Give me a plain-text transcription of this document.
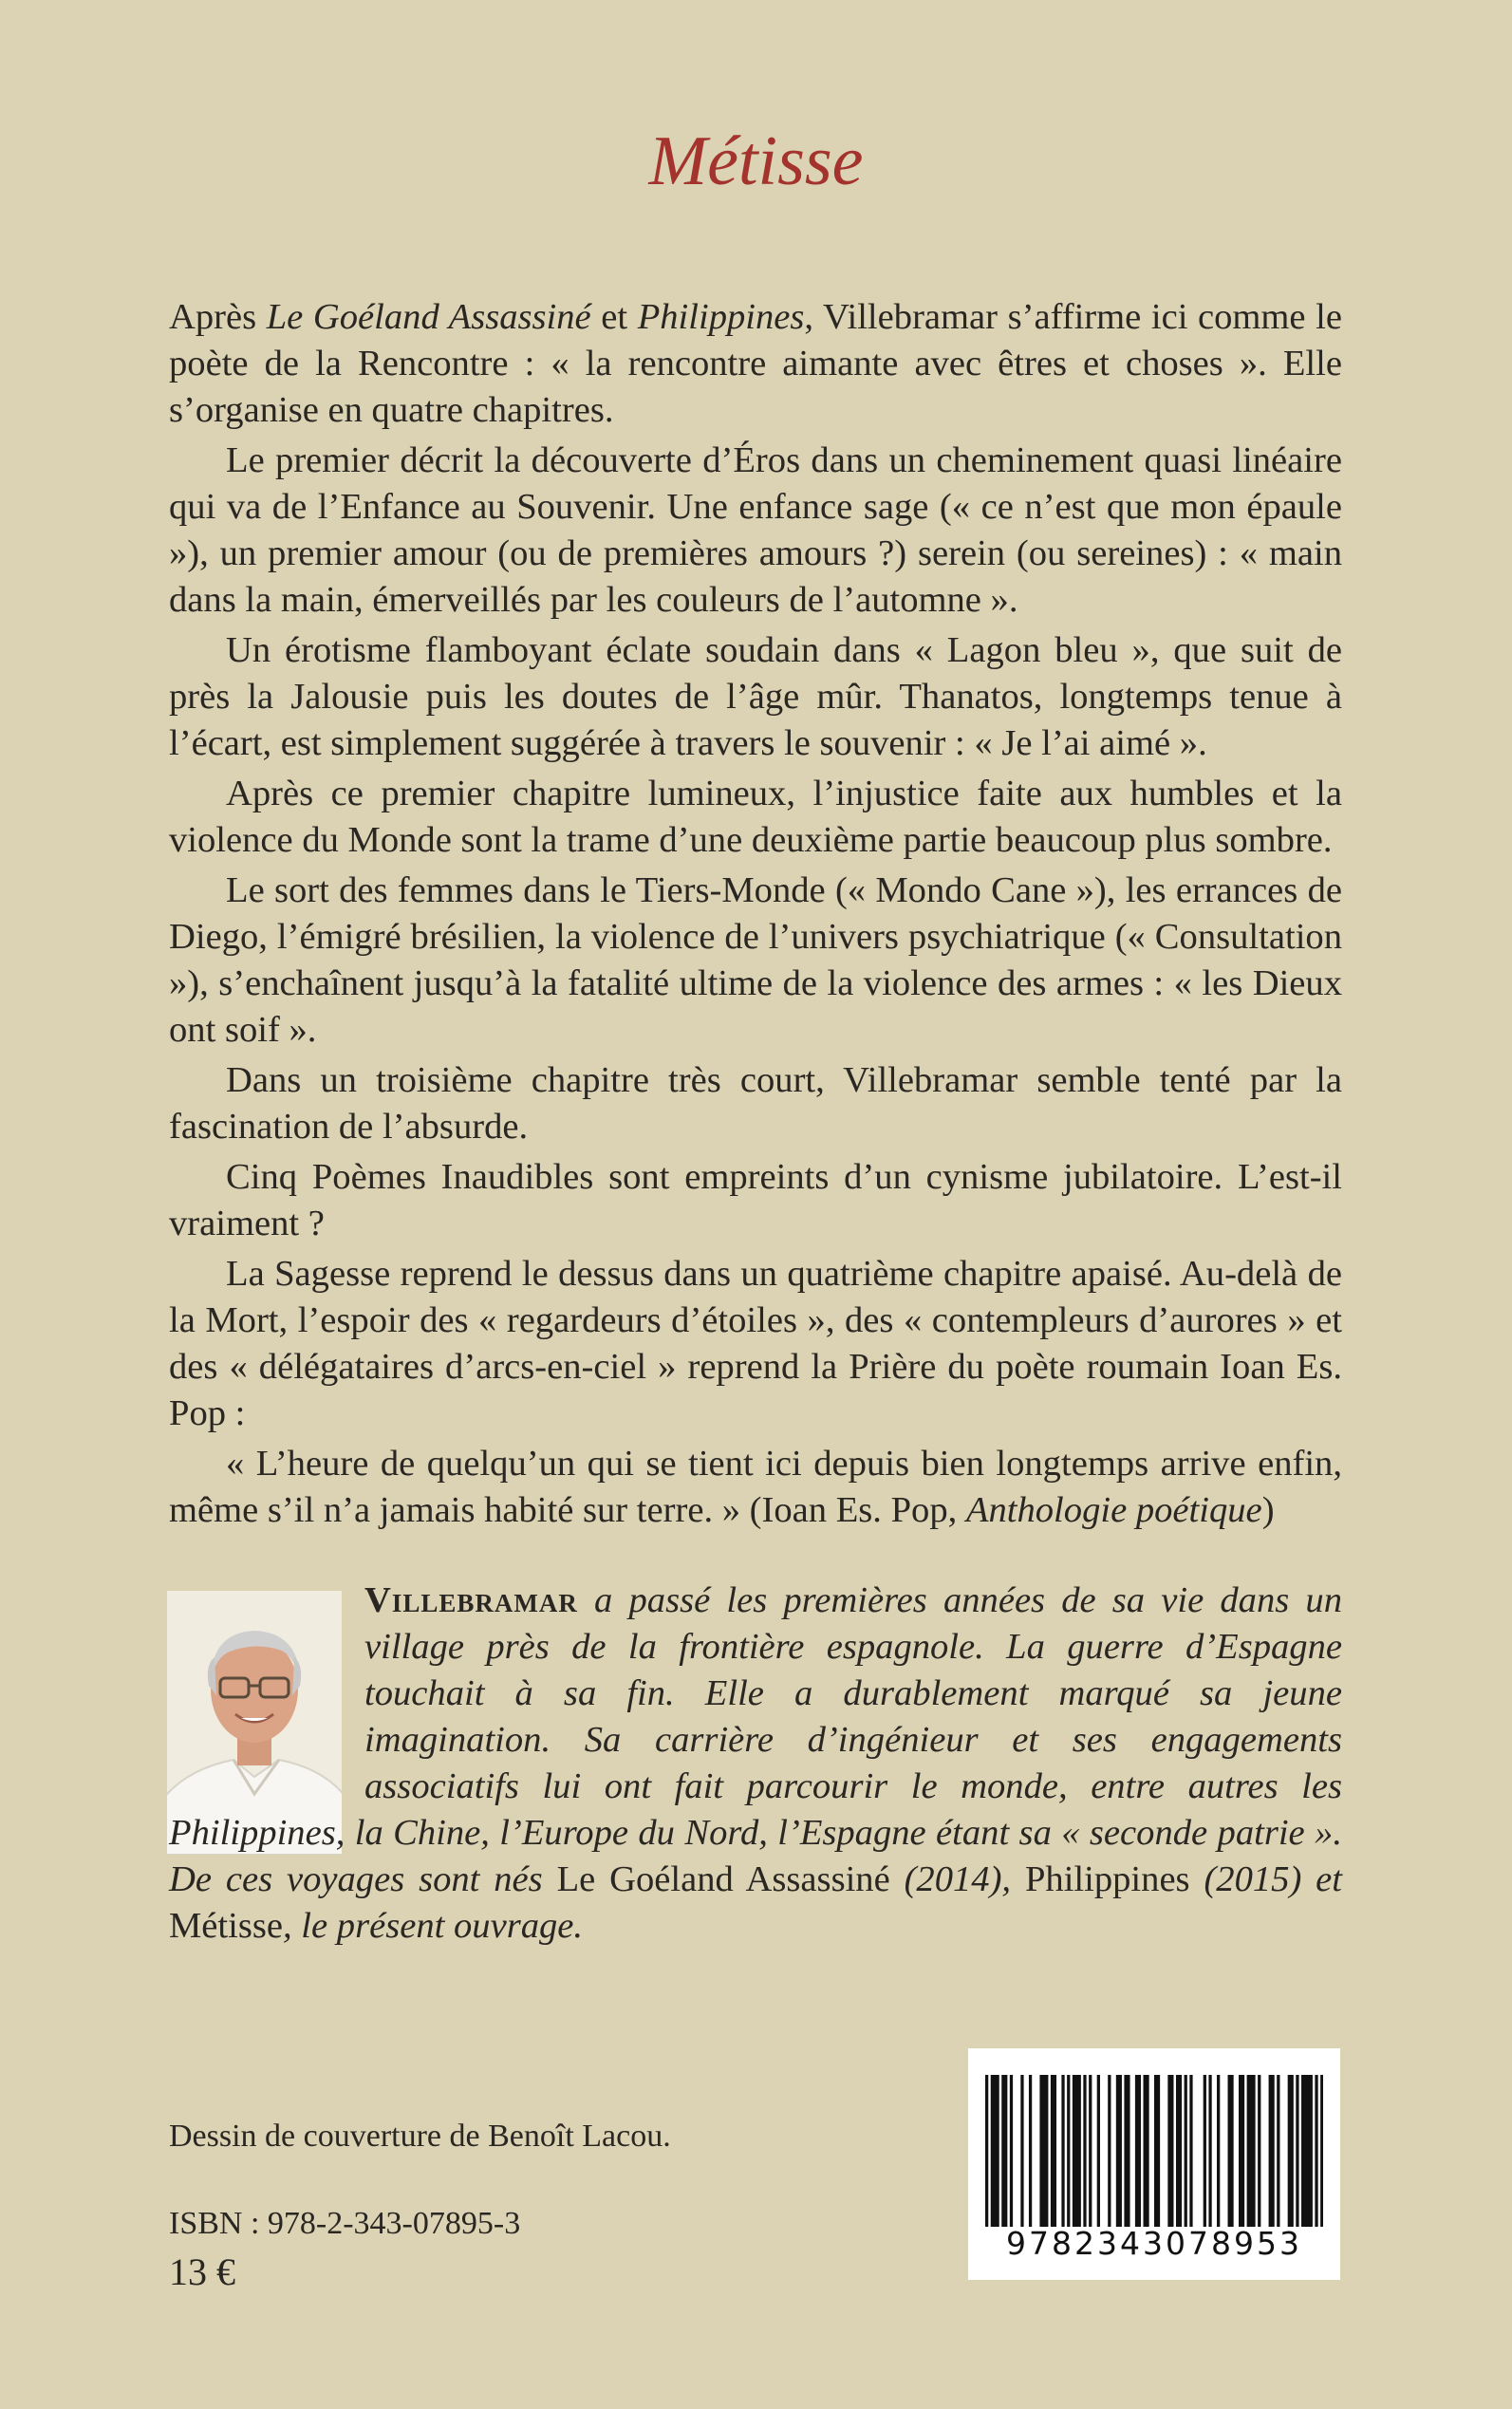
Métisse

Après Le Goéland Assassiné et Philippines, Villebramar s’affirme ici comme le poète de la Rencontre : « la rencontre aimante avec êtres et choses ». Elle s’organise en quatre chapitres.

Le premier décrit la découverte d’Éros dans un cheminement quasi linéaire qui va de l’Enfance au Souvenir. Une enfance sage (« ce n’est que mon épaule »), un premier amour (ou de premières amours ?) serein (ou sereines) : « main dans la main, émerveillés par les couleurs de l’automne ».

Un érotisme flamboyant éclate soudain dans « Lagon bleu », que suit de près la Jalousie puis les doutes de l’âge mûr. Thanatos, longtemps tenue à l’écart, est simplement suggérée à travers le souvenir : « Je l’ai aimé ».

Après ce premier chapitre lumineux, l’injustice faite aux humbles et la violence du Monde sont la trame d’une deuxième partie beaucoup plus sombre.

Le sort des femmes dans le Tiers-Monde (« Mondo Cane »), les errances de Diego, l’émigré brésilien, la violence de l’univers psychiatrique (« Consultation »), s’enchaînent jusqu’à la fatalité ultime de la violence des armes : « les Dieux ont soif ».

Dans un troisième chapitre très court, Villebramar semble tenté par la fascination de l’absurde.

Cinq Poèmes Inaudibles sont empreints d’un cynisme jubilatoire. L’est-il vraiment ?

La Sagesse reprend le dessus dans un quatrième chapitre apaisé. Au-delà de la Mort, l’espoir des « regardeurs d’étoiles », des « contempleurs d’aurores » et des « délégataires d’arcs-en-ciel » reprend la Prière du poète roumain Ioan Es. Pop :

« L’heure de quelqu’un qui se tient ici depuis bien longtemps arrive enfin, même s’il n’a jamais habité sur terre. » (Ioan Es. Pop, Anthologie poétique)

Villebramar a passé les premières années de sa vie dans un village près de la frontière espagnole. La guerre d’Espagne touchait à sa fin. Elle a durablement marqué sa jeune imagination. Sa carrière d’ingénieur et ses engagements associatifs lui ont fait parcourir le monde, entre autres les Philippines, la Chine, l’Europe du Nord, l’Espagne étant sa « seconde patrie ». De ces voyages sont nés Le Goéland Assassiné (2014), Philippines (2015) et Métisse, le présent ouvrage.
Dessin de couverture de Benoît Lacou.
ISBN : 978-2-343-07895-3
13 €
9782343078953
